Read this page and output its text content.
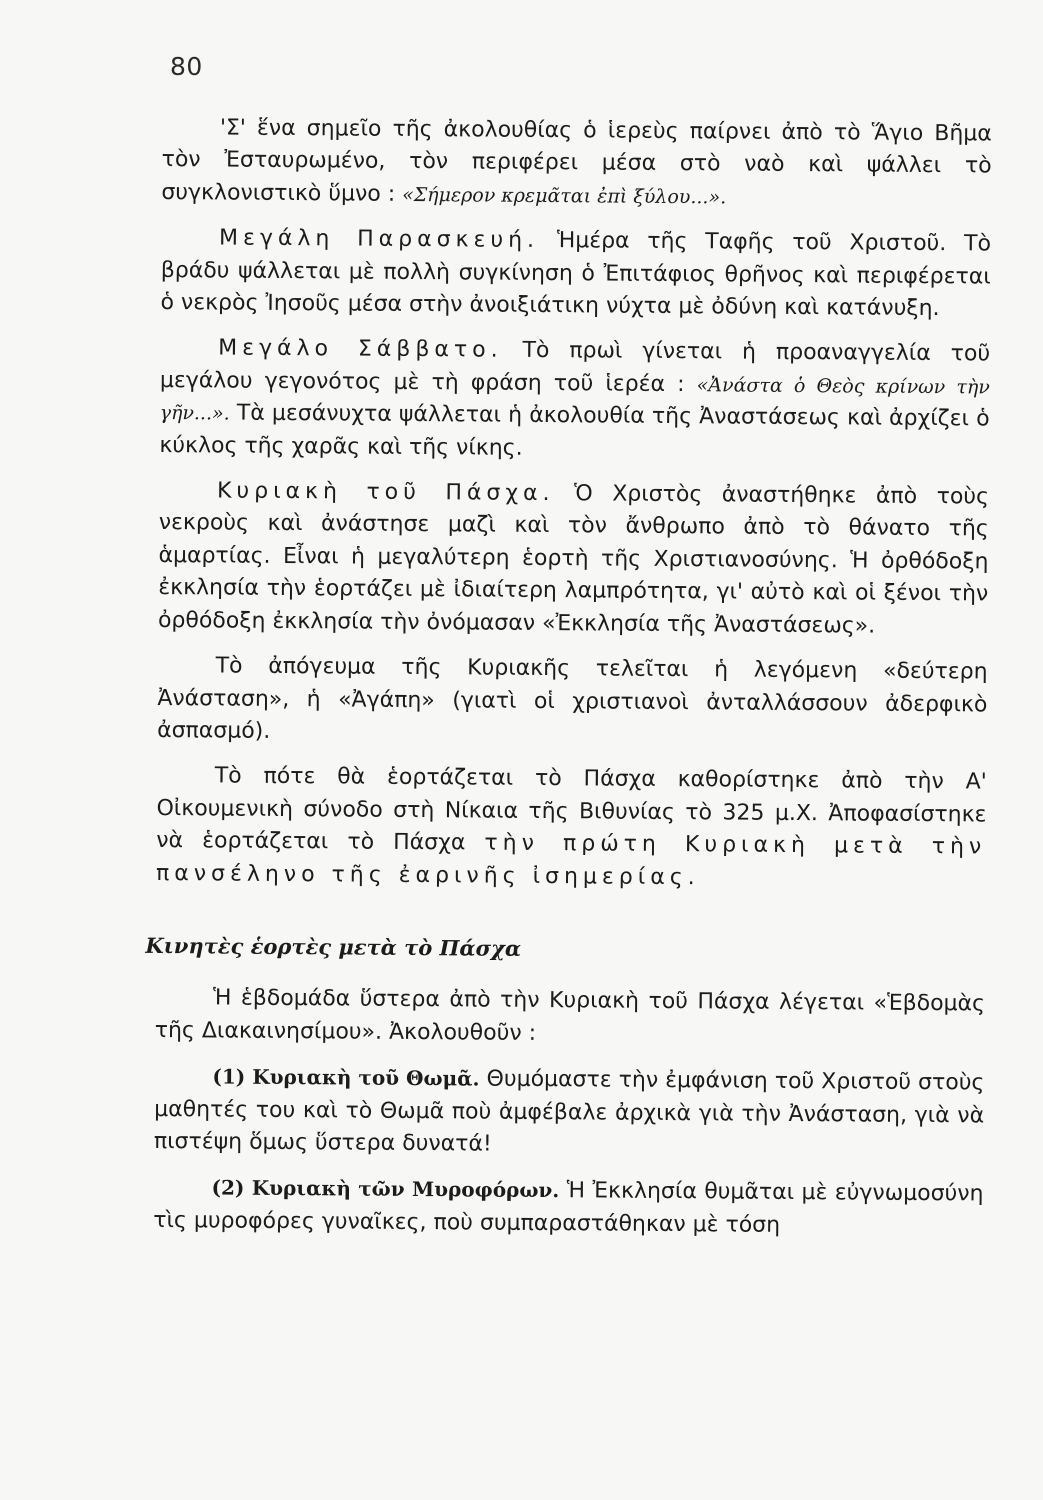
80

'Σ' ἕνα σημεῖο τῆς ἀκολουθίας ὁ ἱερεὺς παίρνει ἀπὸ τὸ Ἅγιο Βῆμα τὸν Ἐσταυρωμένο, τὸν περιφέρει μέσα στὸ ναὸ καὶ ψάλλει τὸ συγκλονιστικὸ ὕμνο : «Σήμερον κρεμᾶται ἐπὶ ξύλου...».

Μεγάλη Παρασκευή. Ἡμέρα τῆς Ταφῆς τοῦ Χριστοῦ. Τὸ βράδυ ψάλλεται μὲ πολλὴ συγκίνηση ὁ Ἐπιτάφιος θρῆνος καὶ περιφέρεται ὁ νεκρὸς Ἰησοῦς μέσα στὴν ἀνοιξιάτικη νύχτα μὲ ὀδύνη καὶ κατάνυξη.

Μεγάλο Σάββατο. Τὸ πρωὶ γίνεται ἡ προαναγγελία τοῦ μεγάλου γεγονότος μὲ τὴ φράση τοῦ ἱερέα : «Ἀνάστα ὁ Θεὸς κρίνων τὴν γῆν...». Τὰ μεσάνυχτα ψάλλεται ἡ ἀκολουθία τῆς Ἀναστάσεως καὶ ἀρχίζει ὁ κύκλος τῆς χαρᾶς καὶ τῆς νίκης.

Κυριακὴ τοῦ Πάσχα. Ὁ Χριστὸς ἀναστήθηκε ἀπὸ τοὺς νεκροὺς καὶ ἀνάστησε μαζὶ καὶ τὸν ἄνθρωπο ἀπὸ τὸ θάνατο τῆς ἁμαρτίας. Εἶναι ἡ μεγαλύτερη ἑορτὴ τῆς Χριστιανοσύνης. Ἡ ὀρθόδοξη ἐκκλησία τὴν ἑορτάζει μὲ ἰδιαίτερη λαμπρότητα, γι' αὐτὸ καὶ οἱ ξένοι τὴν ὀρθόδοξη ἐκκλησία τὴν ὀνόμασαν «Ἐκκλησία τῆς Ἀναστάσεως».

Τὸ ἀπόγευμα τῆς Κυριακῆς τελεῖται ἡ λεγόμενη «δεύτερη Ἀνάσταση», ἡ «Ἀγάπη» (γιατὶ οἱ χριστιανοὶ ἀνταλλάσσουν ἀδερφικὸ ἀσπασμό).

Τὸ πότε θὰ ἑορτάζεται τὸ Πάσχα καθορίστηκε ἀπὸ τὴν Α' Οἰκουμενικὴ σύνοδο στὴ Νίκαια τῆς Βιθυνίας τὸ 325 μ.Χ. Ἀποφασίστηκε νὰ ἑορτάζεται τὸ Πάσχα τὴν πρώτη Κυριακὴ μετὰ τὴν πανσέληνο τῆς ἐαρινῆς ἰσημερίας.

Κινητὲς ἑορτὲς μετὰ τὸ Πάσχα

Ἡ ἑβδομάδα ὕστερα ἀπὸ τὴν Κυριακὴ τοῦ Πάσχα λέγεται «Ἑβδομὰς τῆς Διακαινησίμου». Ἀκολουθοῦν :

(1) Κυριακὴ τοῦ Θωμᾶ. Θυμόμαστε τὴν ἐμφάνιση τοῦ Χριστοῦ στοὺς μαθητές του καὶ τὸ Θωμᾶ ποὺ ἀμφέβαλε ἀρχικὰ γιὰ τὴν Ἀνάσταση, γιὰ νὰ πιστέψη ὅμως ὕστερα δυνατά!

(2) Κυριακὴ τῶν Μυροφόρων. Ἡ Ἐκκλησία θυμᾶται μὲ εὐγνωμοσύνη τὶς μυροφόρες γυναῖκες, ποὺ συμπαραστάθηκαν μὲ τόση
